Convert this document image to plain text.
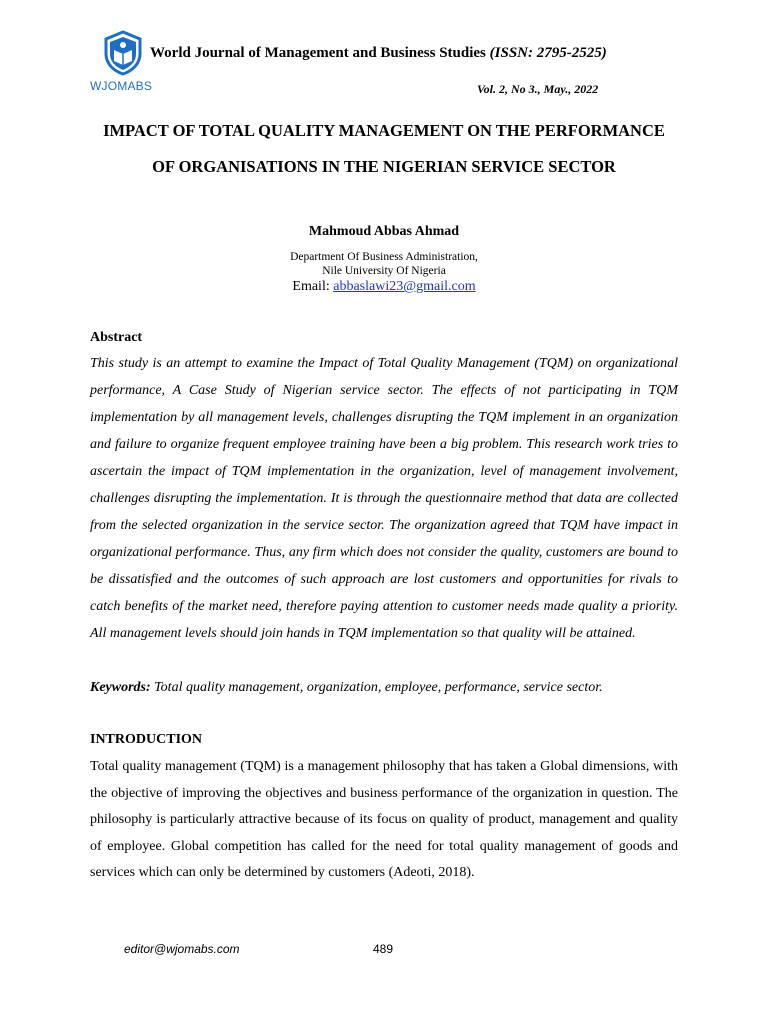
WJOMABS
World Journal of Management and Business Studies (ISSN: 2795-2525)
Vol. 2, No 3., May., 2022
IMPACT OF TOTAL QUALITY MANAGEMENT ON THE PERFORMANCE OF ORGANISATIONS IN THE NIGERIAN SERVICE SECTOR
Mahmoud Abbas Ahmad
Department Of Business Administration,
Nile University Of Nigeria
Email: abbaslawi23@gmail.com
Abstract
This study is an attempt to examine the Impact of Total Quality Management (TQM) on organizational performance, A Case Study of Nigerian service sector. The effects of not participating in TQM implementation by all management levels, challenges disrupting the TQM implement in an organization and failure to organize frequent employee training have been a big problem. This research work tries to ascertain the impact of TQM implementation in the organization, level of management involvement, challenges disrupting the implementation. It is through the questionnaire method that data are collected from the selected organization in the service sector. The organization agreed that TQM have impact in organizational performance. Thus, any firm which does not consider the quality, customers are bound to be dissatisfied and the outcomes of such approach are lost customers and opportunities for rivals to catch benefits of the market need, therefore paying attention to customer needs made quality a priority. All management levels should join hands in TQM implementation so that quality will be attained.
Keywords: Total quality management, organization, employee, performance, service sector.
INTRODUCTION
Total quality management (TQM) is a management philosophy that has taken a Global dimensions, with the objective of improving the objectives and business performance of the organization in question. The philosophy is particularly attractive because of its focus on quality of product, management and quality of employee. Global competition has called for the need for total quality management of goods and services which can only be determined by customers (Adeoti, 2018).
editor@wjomabs.com	489
